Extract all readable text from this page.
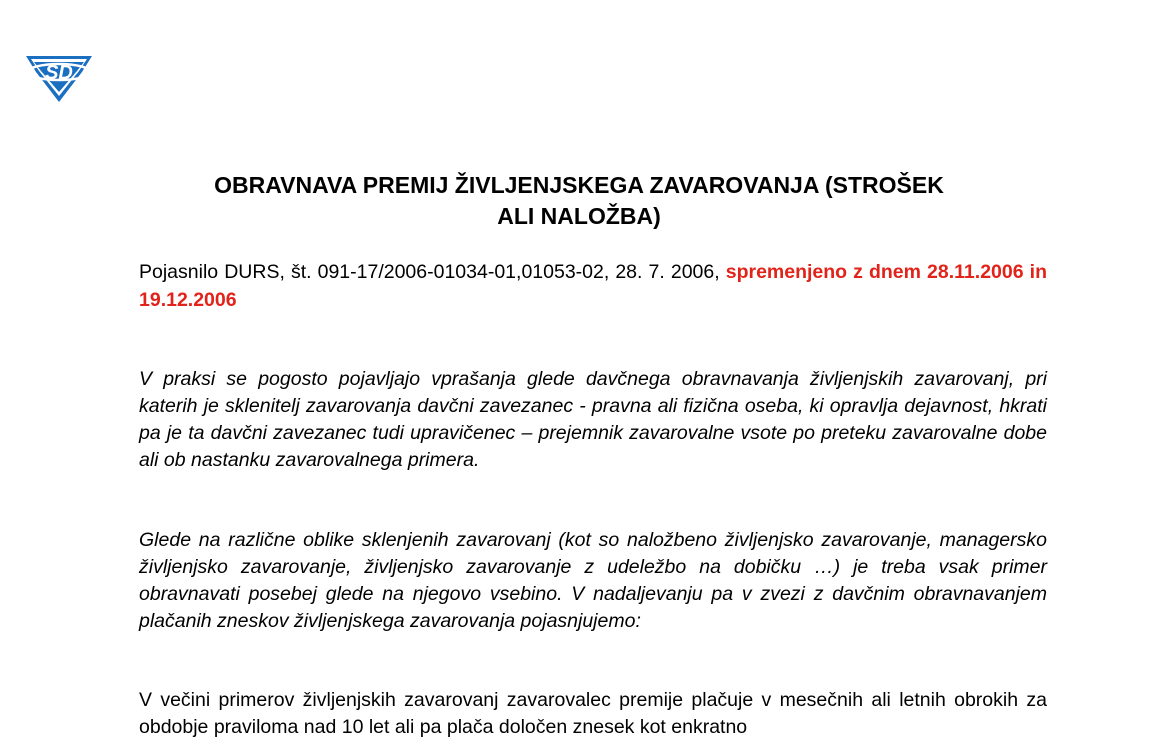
SD
OBRAVNAVA PREMIJ ŽIVLJENJSKEGA ZAVAROVANJA (STROŠEK
ALI NALOŽBA)

Pojasnilo DURS, št. 091-17/2006-01034-01,01053-02, 28. 7. 2006, spremenjeno z dnem 28.11.2006 in 19.12.2006

V praksi se pogosto pojavljajo vprašanja glede davčnega obravnavanja življenjskih zavarovanj, pri katerih je sklenitelj zavarovanja davčni zavezanec - pravna ali fizična oseba, ki opravlja dejavnost, hkrati pa je ta davčni zavezanec tudi upravičenec – prejemnik zavarovalne vsote po preteku zavarovalne dobe ali ob nastanku zavarovalnega primera.

Glede na različne oblike sklenjenih zavarovanj (kot so naložbeno življenjsko zavarovanje, managersko življenjsko zavarovanje, življenjsko zavarovanje z udeležbo na dobičku …) je treba vsak primer obravnavati posebej glede na njegovo vsebino. V nadaljevanju pa v zvezi z davčnim obravnavanjem plačanih zneskov življenjskega zavarovanja pojasnjujemo:

V večini primerov življenjskih zavarovanj zavarovalec premije plačuje v mesečnih ali letnih obrokih za obdobje praviloma nad 10 let ali pa plača določen znesek kot enkratno
